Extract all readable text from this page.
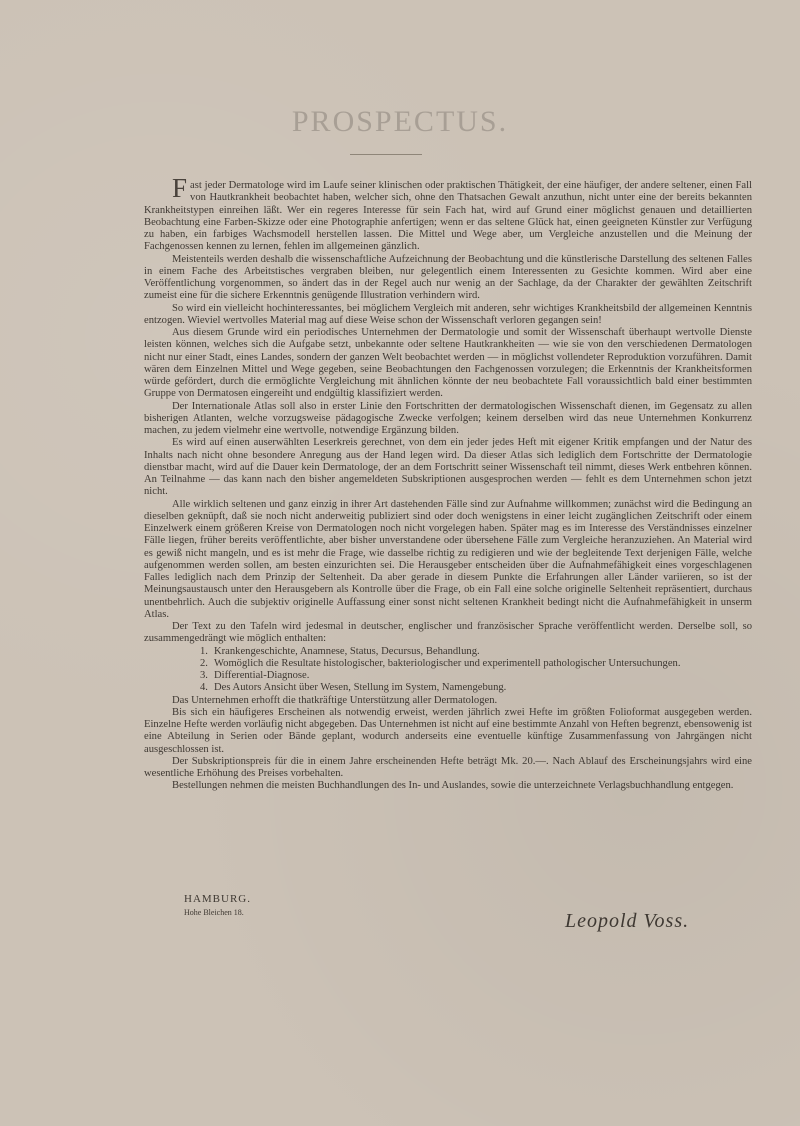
PROSPECTUS.

Fast jeder Dermatologe wird im Laufe seiner klinischen oder praktischen Thätigkeit, der eine häufiger, der andere seltener, einen Fall von Hautkrankheit beobachtet haben, welcher sich, ohne den Thatsachen Gewalt anzuthun, nicht unter eine der bereits bekannten Krankheitstypen einreihen läßt. Wer ein regeres Interesse für sein Fach hat, wird auf Grund einer möglichst genauen und detaillierten Beobachtung eine Farben-Skizze oder eine Photographie anfertigen; wenn er das seltene Glück hat, einen geeigneten Künstler zur Verfügung zu haben, ein farbiges Wachsmodell herstellen lassen. Die Mittel und Wege aber, um Vergleiche anzustellen und die Meinung der Fachgenossen kennen zu lernen, fehlen im allgemeinen gänzlich.

Meistenteils werden deshalb die wissenschaftliche Aufzeichnung der Beobachtung und die künstlerische Darstellung des seltenen Falles in einem Fache des Arbeitstisches vergraben bleiben, nur gelegentlich einem Interessenten zu Gesichte kommen. Wird aber eine Veröffentlichung vorgenommen, so ändert das in der Regel auch nur wenig an der Sachlage, da der Charakter der gewählten Zeitschrift zumeist eine für die sichere Erkenntnis genügende Illustration verhindern wird.

So wird ein vielleicht hochinteressantes, bei möglichem Vergleich mit anderen, sehr wichtiges Krankheitsbild der allgemeinen Kenntnis entzogen. Wieviel wertvolles Material mag auf diese Weise schon der Wissenschaft verloren gegangen sein!

Aus diesem Grunde wird ein periodisches Unternehmen der Dermatologie und somit der Wissenschaft überhaupt wertvolle Dienste leisten können, welches sich die Aufgabe setzt, unbekannte oder seltene Hautkrankheiten — wie sie von den verschiedenen Dermatologen nicht nur einer Stadt, eines Landes, sondern der ganzen Welt beobachtet werden — in möglichst vollendeter Reproduktion vorzuführen. Damit wären dem Einzelnen Mittel und Wege gegeben, seine Beobachtungen den Fachgenossen vorzulegen; die Erkenntnis der Krankheitsformen würde gefördert, durch die ermöglichte Vergleichung mit ähnlichen könnte der neu beobachtete Fall voraussichtlich bald einer bestimmten Gruppe von Dermatosen eingereiht und endgültig klassifiziert werden.

Der Internationale Atlas soll also in erster Linie den Fortschritten der dermatologischen Wissenschaft dienen, im Gegensatz zu allen bisherigen Atlanten, welche vorzugsweise pädagogische Zwecke verfolgen; keinem derselben wird das neue Unternehmen Konkurrenz machen, zu jedem vielmehr eine wertvolle, notwendige Ergänzung bilden.

Es wird auf einen auserwählten Leserkreis gerechnet, von dem ein jeder jedes Heft mit eigener Kritik empfangen und der Natur des Inhalts nach nicht ohne besondere Anregung aus der Hand legen wird. Da dieser Atlas sich lediglich dem Fortschritte der Dermatologie dienstbar macht, wird auf die Dauer kein Dermatologe, der an dem Fortschritt seiner Wissenschaft teil nimmt, dieses Werk entbehren können. An Teilnahme — das kann nach den bisher angemeldeten Subskriptionen ausgesprochen werden — fehlt es dem Unternehmen schon jetzt nicht.

Alle wirklich seltenen und ganz einzig in ihrer Art dastehenden Fälle sind zur Aufnahme willkommen; zunächst wird die Bedingung an dieselben geknüpft, daß sie noch nicht anderweitig publiziert sind oder doch wenigstens in einer leicht zugänglichen Zeitschrift oder einem Einzelwerk einem größeren Kreise von Dermatologen noch nicht vorgelegen haben. Später mag es im Interesse des Verständnisses einzelner Fälle liegen, früher bereits veröffentlichte, aber bisher unverstandene oder übersehene Fälle zum Vergleiche heranzuziehen. An Material wird es gewiß nicht mangeln, und es ist mehr die Frage, wie dasselbe richtig zu redigieren und wie der begleitende Text derjenigen Fälle, welche aufgenommen werden sollen, am besten einzurichten sei. Die Herausgeber entscheiden über die Aufnahmefähigkeit eines vorgeschlagenen Falles lediglich nach dem Prinzip der Seltenheit. Da aber gerade in diesem Punkte die Erfahrungen aller Länder variieren, so ist der Meinungsaustausch unter den Herausgebern als Kontrolle über die Frage, ob ein Fall eine solche originelle Seltenheit repräsentiert, durchaus unentbehrlich. Auch die subjektiv originelle Auffassung einer sonst nicht seltenen Krankheit bedingt nicht die Aufnahmefähigkeit in unserm Atlas.

Der Text zu den Tafeln wird jedesmal in deutscher, englischer und französischer Sprache veröffentlicht werden. Derselbe soll, so zusammengedrängt wie möglich enthalten:

1. Krankengeschichte, Anamnese, Status, Decursus, Behandlung.
2. Womöglich die Resultate histologischer, bakteriologischer und experimentell pathologischer Untersuchungen.
3. Differential-Diagnose.
4. Des Autors Ansicht über Wesen, Stellung im System, Namengebung.

Das Unternehmen erhofft die thatkräftige Unterstützung aller Dermatologen.

Bis sich ein häufigeres Erscheinen als notwendig erweist, werden jährlich zwei Hefte im größten Folioformat ausgegeben werden. Einzelne Hefte werden vorläufig nicht abgegeben. Das Unternehmen ist nicht auf eine bestimmte Anzahl von Heften begrenzt, ebensowenig ist eine Abteilung in Serien oder Bände geplant, wodurch anderseits eine eventuelle künftige Zusammenfassung von Jahrgängen nicht ausgeschlossen ist.

Der Subskriptionspreis für die in einem Jahre erscheinenden Hefte beträgt Mk. 20.—. Nach Ablauf des Erscheinungsjahrs wird eine wesentliche Erhöhung des Preises vorbehalten.

Bestellungen nehmen die meisten Buchhandlungen des In- und Auslandes, sowie die unterzeichnete Verlagsbuchhandlung entgegen.

HAMBURG.
Hohe Bleichen 18.	Leopold Voss.
